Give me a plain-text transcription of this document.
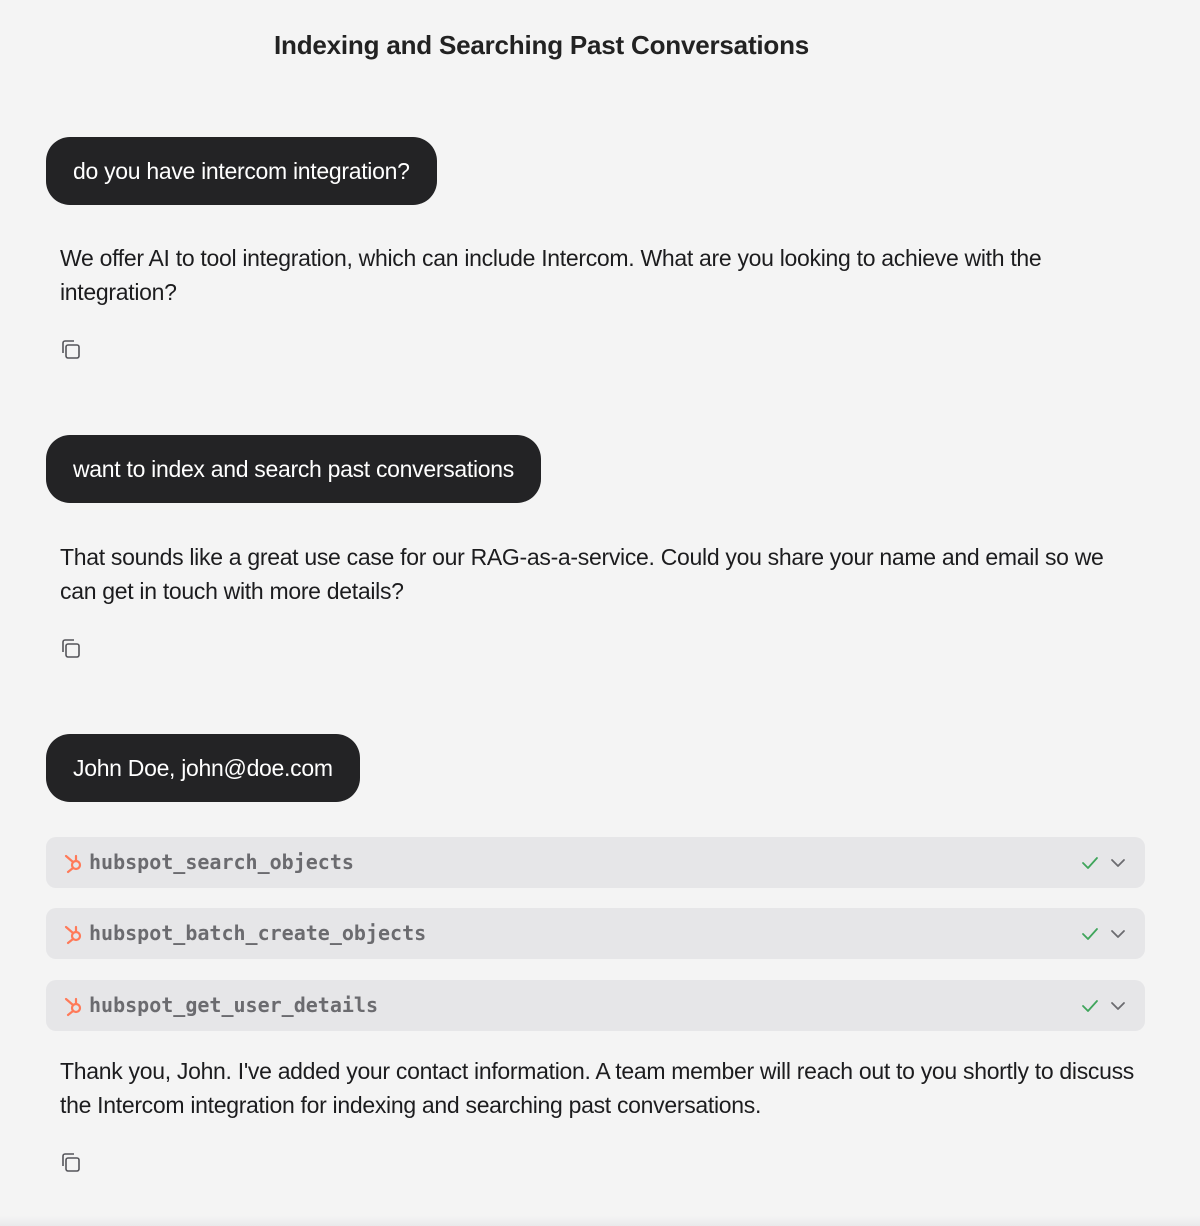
Indexing and Searching Past Conversations
do you have intercom integration?
We offer AI to tool integration, which can include Intercom. What are you looking to achieve with the integration?
want to index and search past conversations
That sounds like a great use case for our RAG-as-a-service. Could you share your name and email so we can get in touch with more details?
John Doe, john@doe.com
hubspot_search_objects
hubspot_batch_create_objects
hubspot_get_user_details
Thank you, John. I've added your contact information. A team member will reach out to you shortly to discuss the Intercom integration for indexing and searching past conversations.
